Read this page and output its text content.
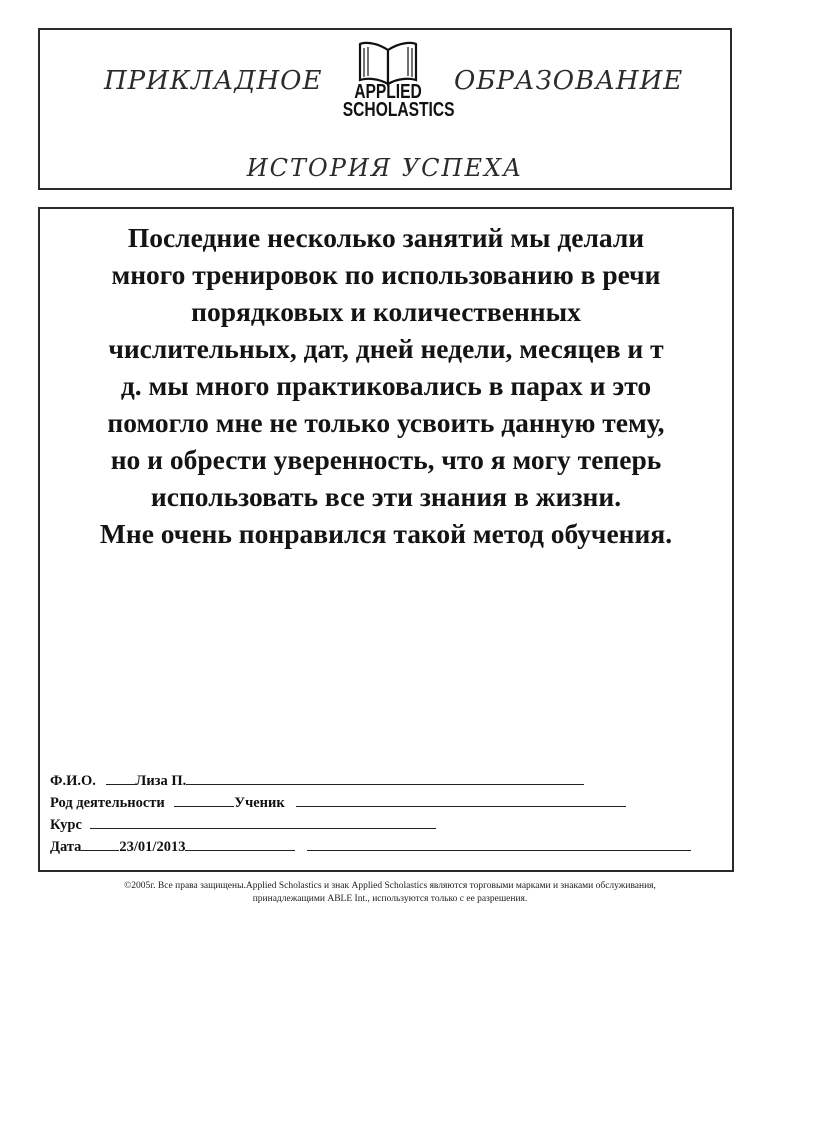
ПРИКЛАДНОЕ	APPLIED
SCHOLASTICS
ОБРАЗОВАНИЕ
ИСТОРИЯ УСПЕХА
Последние несколько занятий мы делали
много тренировок по использованию в речи
порядковых и количественных
числительных, дат, дней недели, месяцев и т
д. мы много практиковались в парах и это
помогло мне не только усвоить данную тему,
но и обрести уверенность, что я могу теперь
использовать все эти знания в жизни.
Мне очень понравился такой метод обучения.
Ф.И.О.	Лиза П.
Род деятельности	Ученик
Курс
Дата	23/01/2013
©2005г. Все права защищены.Applied Scholastics и знак Applied Scholastics являются торговыми марками и знаками обслуживания,
принадлежащими ABLE Int., используются только с ее разрешения.
